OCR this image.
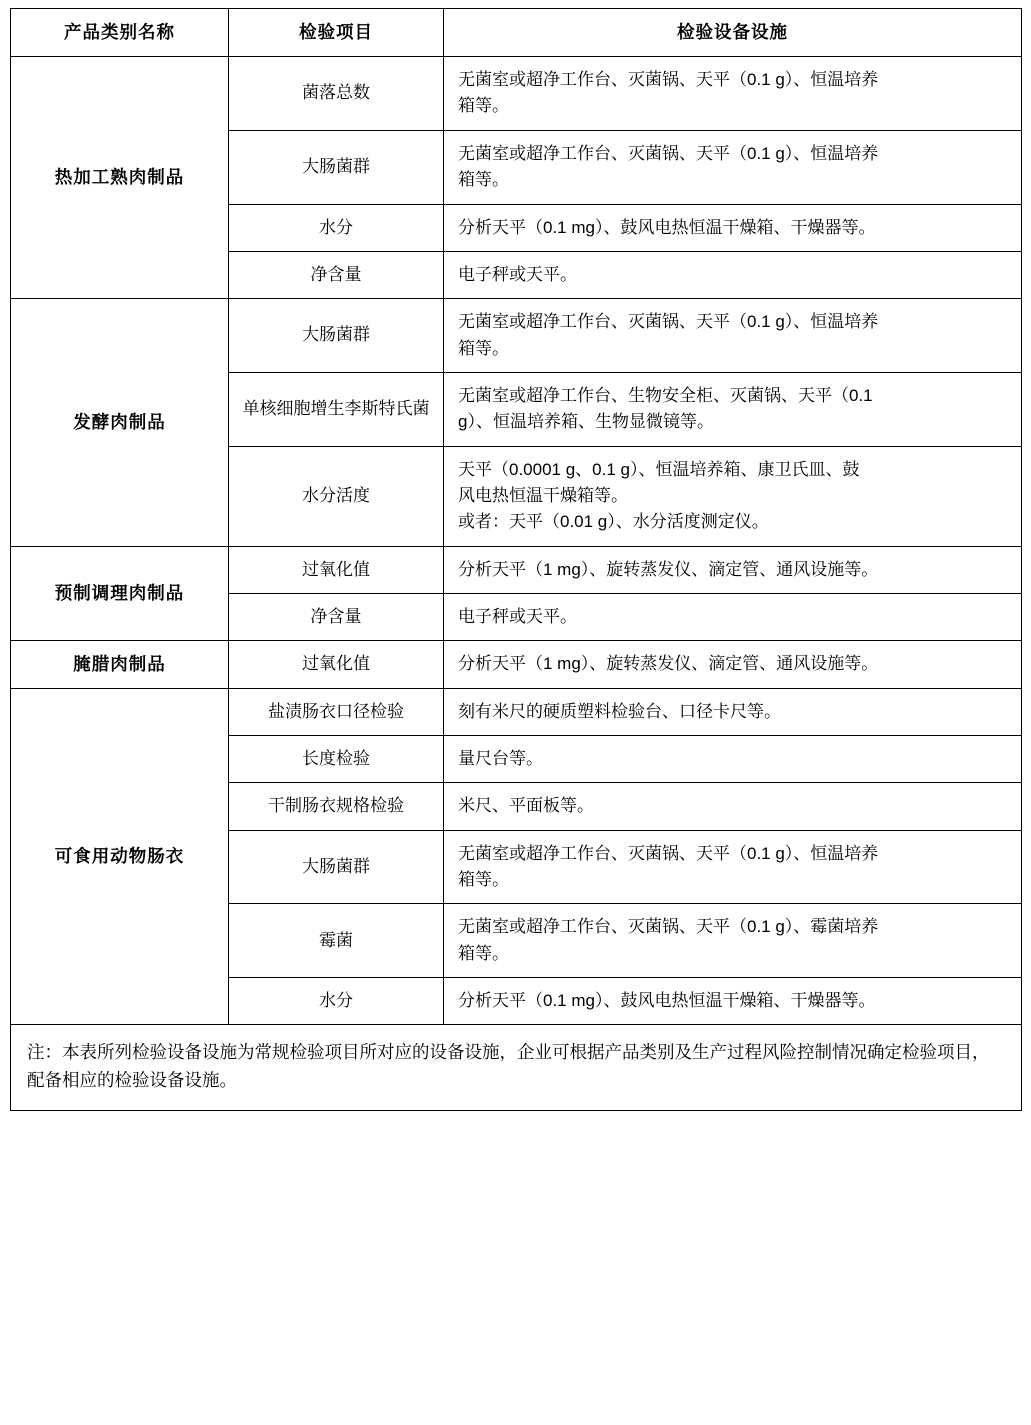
产品类别名称	检验项目	检验设备设施
热加工熟肉制品	菌落总数	无菌室或超净工作台、灭菌锅、天平（0.1 g）、恒温培养
箱等。

	大肠菌群	无菌室或超净工作台、灭菌锅、天平（0.1 g）、恒温培养
箱等。

	水分	分析天平（0.1 mg）、鼓风电热恒温干燥箱、干燥器等。

	净含量	电子秤或天平。

发酵肉制品	大肠菌群	无菌室或超净工作台、灭菌锅、天平（0.1 g）、恒温培养
箱等。

	单核细胞增生李斯特氏菌	无菌室或超净工作台、生物安全柜、灭菌锅、天平（0.1
g）、恒温培养箱、生物显微镜等。

	水分活度	天平（0.0001 g、0.1 g）、恒温培养箱、康卫氏皿、鼓
风电热恒温干燥箱等。
或者：天平（0.01 g）、水分活度测定仪。

预制调理肉制品	过氧化值	分析天平（1 mg）、旋转蒸发仪、滴定管、通风设施等。

	净含量	电子秤或天平。

腌腊肉制品	过氧化值	分析天平（1 mg）、旋转蒸发仪、滴定管、通风设施等。

可食用动物肠衣	盐渍肠衣口径检验	刻有米尺的硬质塑料检验台、口径卡尺等。

	长度检验	量尺台等。

	干制肠衣规格检验	米尺、平面板等。

	大肠菌群	无菌室或超净工作台、灭菌锅、天平（0.1 g）、恒温培养
箱等。

	霉菌	无菌室或超净工作台、灭菌锅、天平（0.1 g）、霉菌培养
箱等。

	水分	分析天平（0.1 mg）、鼓风电热恒温干燥箱、干燥器等。

注：本表所列检验设备设施为常规检验项目所对应的设备设施，企业可根据产品类别及生产过程风险控制情况确定检验项目，配备相应的检验设备设施。		
